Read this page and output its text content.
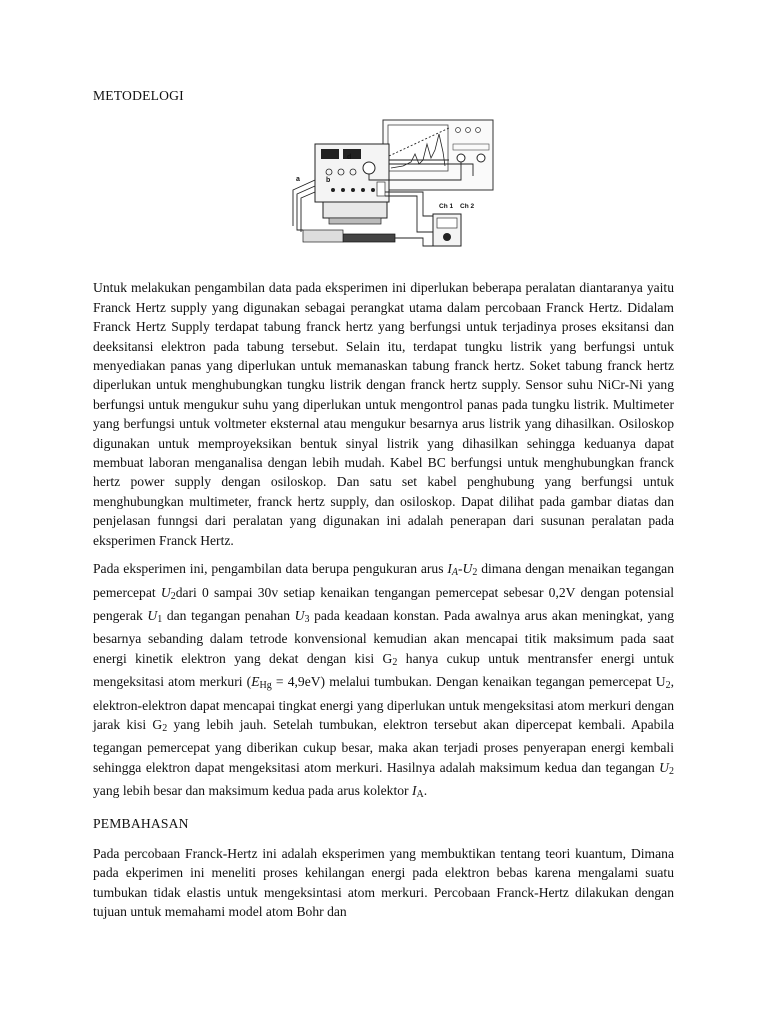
METODELOGI
Ch 1 Ch 2
d
b
a

Untuk melakukan pengambilan data pada eksperimen ini diperlukan beberapa peralatan diantaranya yaitu Franck Hertz supply yang digunakan sebagai perangkat utama dalam percobaan Franck Hertz. Didalam Franck Hertz Supply terdapat tabung franck hertz yang berfungsi untuk terjadinya proses eksitansi dan deeksitansi elektron pada tabung tersebut. Selain itu, terdapat tungku listrik yang berfungsi untuk menyediakan panas yang diperlukan untuk memanaskan tabung franck hertz. Soket tabung franck hertz diperlukan untuk menghubungkan tungku listrik dengan franck hertz supply. Sensor suhu NiCr-Ni yang berfungsi untuk mengukur suhu yang diperlukan untuk mengontrol panas pada tungku listrik. Multimeter yang berfungsi untuk voltmeter eksternal atau mengukur besarnya arus listrik yang dihasilkan. Osiloskop digunakan untuk memproyeksikan bentuk sinyal listrik yang dihasilkan sehingga keduanya dapat membuat laboran menganalisa dengan lebih mudah. Kabel BC berfungsi untuk menghubungkan franck hertz power supply dengan osiloskop. Dan satu set kabel penghubung yang berfungsi untuk menghubungkan multimeter, franck hertz supply, dan osiloskop. Dapat dilihat pada gambar diatas dan penjelasan funngsi dari peralatan yang digunakan ini adalah penerapan dari susunan peralatan pada eksperimen Franck Hertz.

Pada eksperimen ini, pengambilan data berupa pengukuran arus $I_A-U_2$ dimana dengan menaikan tegangan pemercepat $U_2dari$ 0 sampai 30v setiap kenaikan tengangan pemercepat sebesar 0,2V dengan potensial pengerak $U_1$ dan tegangan penahan $U_3$ pada keadaan konstan. Pada awalnya arus akan meningkat, yang besarnya sebanding dalam tetrode konvensional kemudian akan mencapai titik maksimum pada saat energi kinetik elektron yang dekat dengan kisi $G_2$ hanya cukup untuk mentransfer energi untuk mengeksitasi atom merkuri $(E_{Hg} = 4,9eV)$ melalui tumbukan. Dengan kenaikan tegangan pemercepat $U_2$, elektron-elektron dapat mencapai tingkat energi yang diperlukan untuk mengeksitasi atom merkuri dengan jarak kisi $G_2$ yang lebih jauh. Setelah tumbukan, elektron tersebut akan dipercepat kembali. Apabila tegangan pemercepat yang diberikan cukup besar, maka akan terjadi proses penyerapan energi kembali sehingga elektron dapat mengeksitasi atom merkuri. Hasilnya adalah maksimum kedua dan tegangan $U_2$ yang lebih besar dan maksimum kedua pada arus kolektor $I_A$.

PEMBAHASAN

Pada percobaan Franck-Hertz ini adalah eksperimen yang membuktikan tentang teori kuantum, Dimana pada ekperimen ini meneliti proses kehilangan energi pada elektron bebas karena mengalami suatu tumbukan tidak elastis untuk mengeksintasi atom merkuri. Percobaan Franck-Hertz dilakukan dengan tujuan untuk memahami model atom Bohr dan
